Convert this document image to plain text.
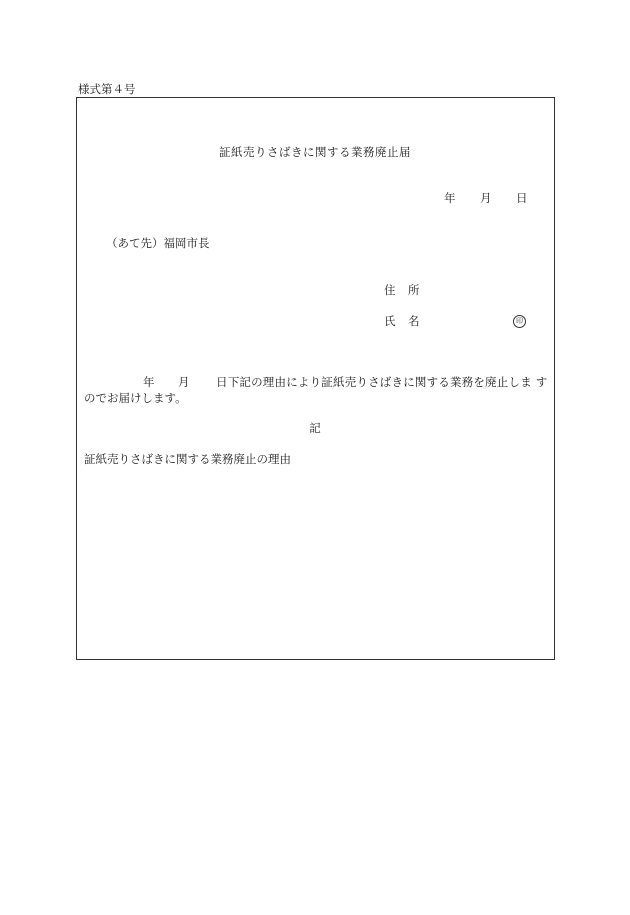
様式第４号
証紙売りさばきに関する業務廃止届
年 月 日
（あて先）福岡市長
住 所
氏 名	印
年 月 日下記の理由により証紙売りさばきに関する業務を廃止しま す
のでお届けします。
記
証紙売りさばきに関する業務廃止の理由
